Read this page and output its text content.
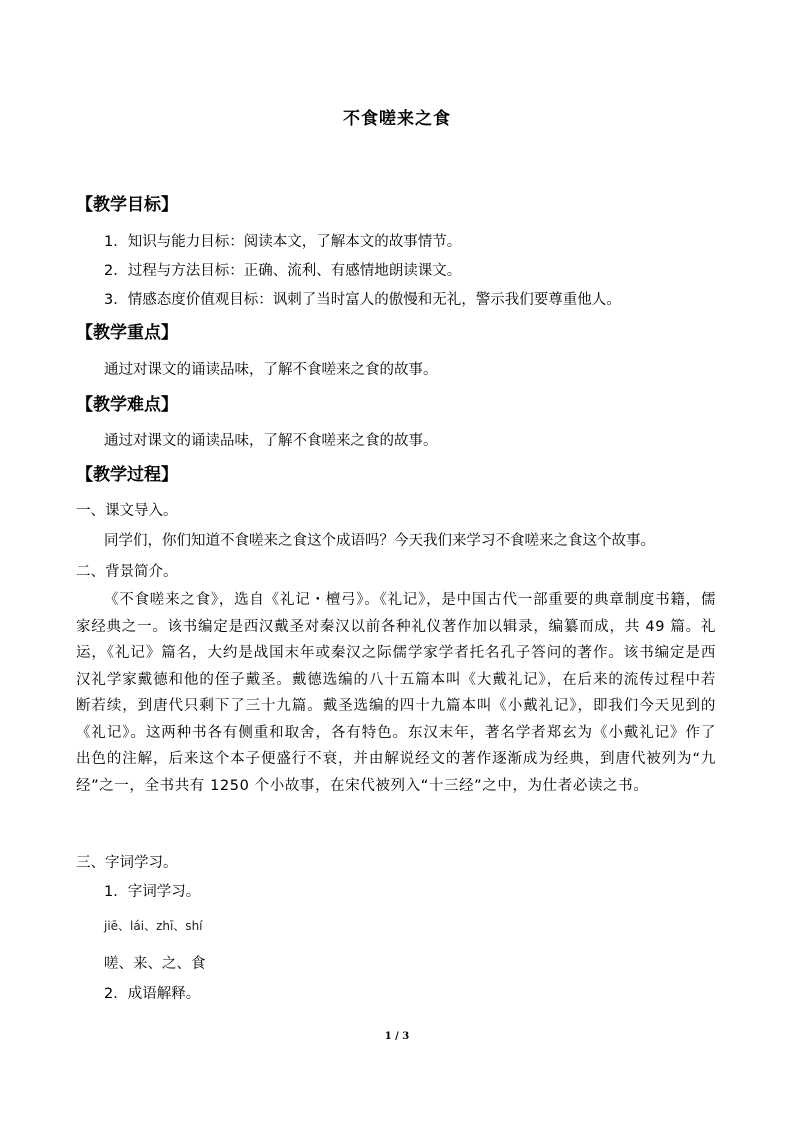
不食嗟来之食
【教学目标】
1．知识与能力目标：阅读本文，了解本文的故事情节。
2．过程与方法目标：正确、流利、有感情地朗读课文。
3．情感态度价值观目标：讽刺了当时富人的傲慢和无礼，警示我们要尊重他人。
【教学重点】
通过对课文的诵读品味，了解不食嗟来之食的故事。
【教学难点】
通过对课文的诵读品味，了解不食嗟来之食的故事。
【教学过程】
一、课文导入。
同学们，你们知道不食嗟来之食这个成语吗？今天我们来学习不食嗟来之食这个故事。
二、背景简介。
《不食嗟来之食》，选自《礼记・檀弓》。《礼记》，是中国古代一部重要的典章制度书籍，儒家经典之一。该书编定是西汉戴圣对秦汉以前各种礼仪著作加以辑录，编纂而成，共 49 篇。礼运，《礼记》篇名，大约是战国末年或秦汉之际儒学家学者托名孔子答问的著作。该书编定是西汉礼学家戴德和他的侄子戴圣。戴德选编的八十五篇本叫《大戴礼记》，在后来的流传过程中若断若续，到唐代只剩下了三十九篇。戴圣选编的四十九篇本叫《小戴礼记》，即我们今天见到的《礼记》。这两种书各有侧重和取舍，各有特色。东汉末年，著名学者郑玄为《小戴礼记》作了出色的注解，后来这个本子便盛行不衰，并由解说经文的著作逐渐成为经典，到唐代被列为“九经”之一，全书共有 1250 个小故事，在宋代被列入“十三经”之中，为仕者必读之书。
三、字词学习。
1．字词学习。
jiē、lái、zhī、shí
嗟、来、之、食
2．成语解释。
1 / 3
